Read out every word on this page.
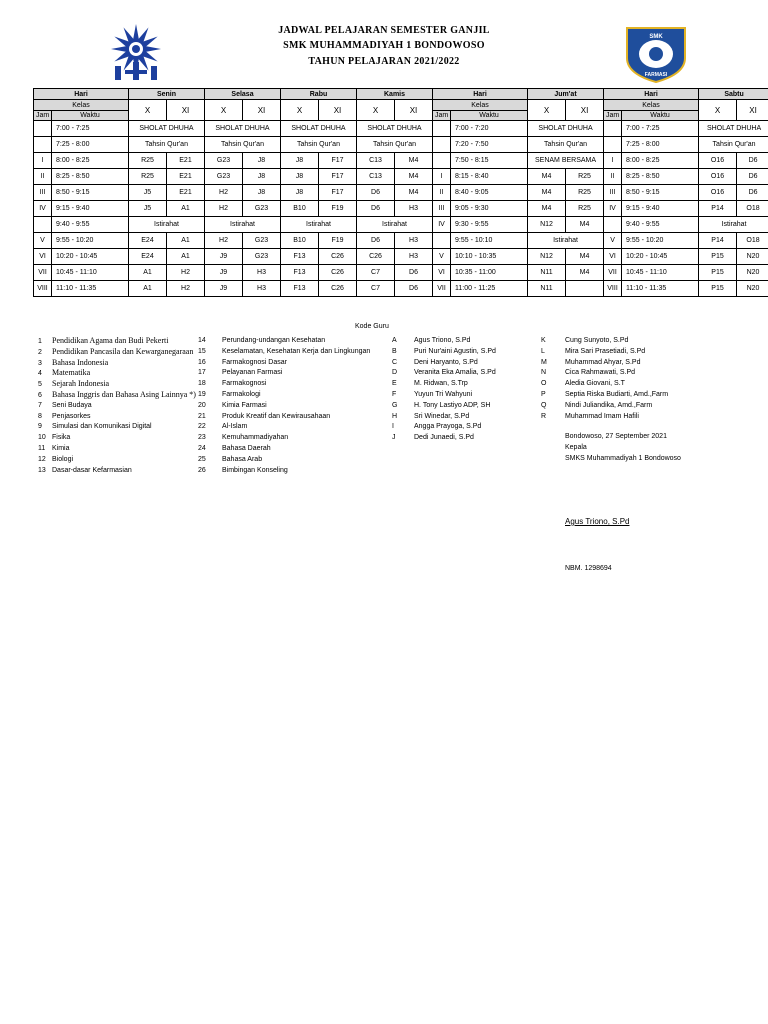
JADWAL PELAJARAN SEMESTER GANJIL
SMK MUHAMMADIYAH 1 BONDOWOSO
TAHUN PELAJARAN 2021/2022
SMK
FARMASI
Hari		Senin		Selasa		Rabu		Kamis		Hari		Jum'at		Hari		Sabtu	
Kelas		X	XI	X	XI	X	XI	X	XI	Kelas		X	XI	Kelas		X	XI
Jam	Waktu									Jam	Waktu			Jam	Waktu		
	7:00 - 7:25	SHOLAT DHUHA		SHOLAT DHUHA		SHOLAT DHUHA		SHOLAT DHUHA			7:00 - 7:20	SHOLAT DHUHA			7:00 - 7:25	SHOLAT DHUHA	
	7:25 - 8:00	Tahsin Qur'an		Tahsin Qur'an		Tahsin Qur'an		Tahsin Qur'an			7:20 - 7:50	Tahsin Qur'an			7:25 - 8:00	Tahsin Qur'an	
I	8:00 - 8:25	R25	E21	G23	J8	J8	F17	C13	M4		7:50 - 8:15	SENAM BERSAMA		I	8:00 - 8:25	O16	D6
II	8:25 - 8:50	R25	E21	G23	J8	J8	F17	C13	M4	I	8:15 - 8:40	M4	R25	II	8:25 - 8:50	O16	D6
III	8:50 - 9:15	J5	E21	H2	J8	J8	F17	D6	M4	II	8:40 - 9:05	M4	R25	III	8:50 - 9:15	O16	D6
IV	9:15 - 9:40	J5	A1	H2	G23	B10	F19	D6	H3	III	9:05 - 9:30	M4	R25	IV	9:15 - 9:40	P14	O18
	9:40 - 9:55	Istirahat		Istirahat		Istirahat		Istirahat		IV	9:30 - 9:55	N12	M4		9:40 - 9:55	Istirahat	
V	9:55 - 10:20	E24	A1	H2	G23	B10	F19	D6	H3		9:55 - 10:10	Istirahat		V	9:55 - 10:20	P14	O18
VI	10:20 - 10:45	E24	A1	J9	G23	F13	C26	C26	H3	V	10:10 - 10:35	N12	M4	VI	10:20 - 10:45	P15	N20
VII	10:45 - 11:10	A1	H2	J9	H3	F13	C26	C7	D6	VI	10:35 - 11:00	N11	M4	VII	10:45 - 11:10	P15	N20
VIII	11:10 - 11:35	A1	H2	J9	H3	F13	C26	C7	D6	VII	11:00 - 11:25	N11		VIII	11:10 - 11:35	P15	N20
Kode Guru
1 Pendidikan Agama dan Budi Pekerti
2 Pendidikan Pancasila dan Kewarganegaraan
3 Bahasa Indonesia
4 Matematika
5 Sejarah Indonesia
6 Bahasa Inggris dan Bahasa Asing Lainnya *)
7 Seni Budaya
8 Penjasorkes
9 Simulasi dan Komunikasi Digital
10 Fisika
11 Kimia
12 Biologi
13 Dasar-dasar Kefarmasian
14 Perundang-undangan Kesehatan
15 Keselamatan, Kesehatan Kerja dan Lingkungan
16 Farmakognosi Dasar
17 Pelayanan Farmasi
18 Farmakognosi
19 Farmakologi
20 Kimia Farmasi
21 Produk Kreatif dan Kewirausahaan
22 Al-Islam
23 Kemuhammadiyahan
24 Bahasa Daerah
25 Bahasa Arab
26 Bimbingan Konseling
A Agus Triono, S.Pd
B Puri Nur'aini Agustin, S.Pd
C Deni Haryanto, S.Pd
D Veranita Eka Amalia, S.Pd
E M. Ridwan, S.Trp
F	Yuyun Tri Wahyuni
G H. Tony Lastiyo ADP, SH
H Sri Winedar, S.Pd
I	Angga Prayoga, S.Pd
J	Dedi Junaedi, S.Pd
K	Cung Sunyoto, S.Pd
L	Mira Sari Prasetiadi, S.Pd
M	Muhammad Ahyar, S.Pd
N	Cica Rahmawati, S.Pd
O	Aledia Giovani, S.T
P	Septia Riska Budiarti, Amd.,Farm
Q	Nindi Juliandika, Amd.,Farm
R	Muhammad Imam Hafili
Bondowoso, 27 September 2021
Kepala
SMKS Muhammadiyah 1 Bondowoso
Agus Triono, S.Pd
NBM. 1298694
